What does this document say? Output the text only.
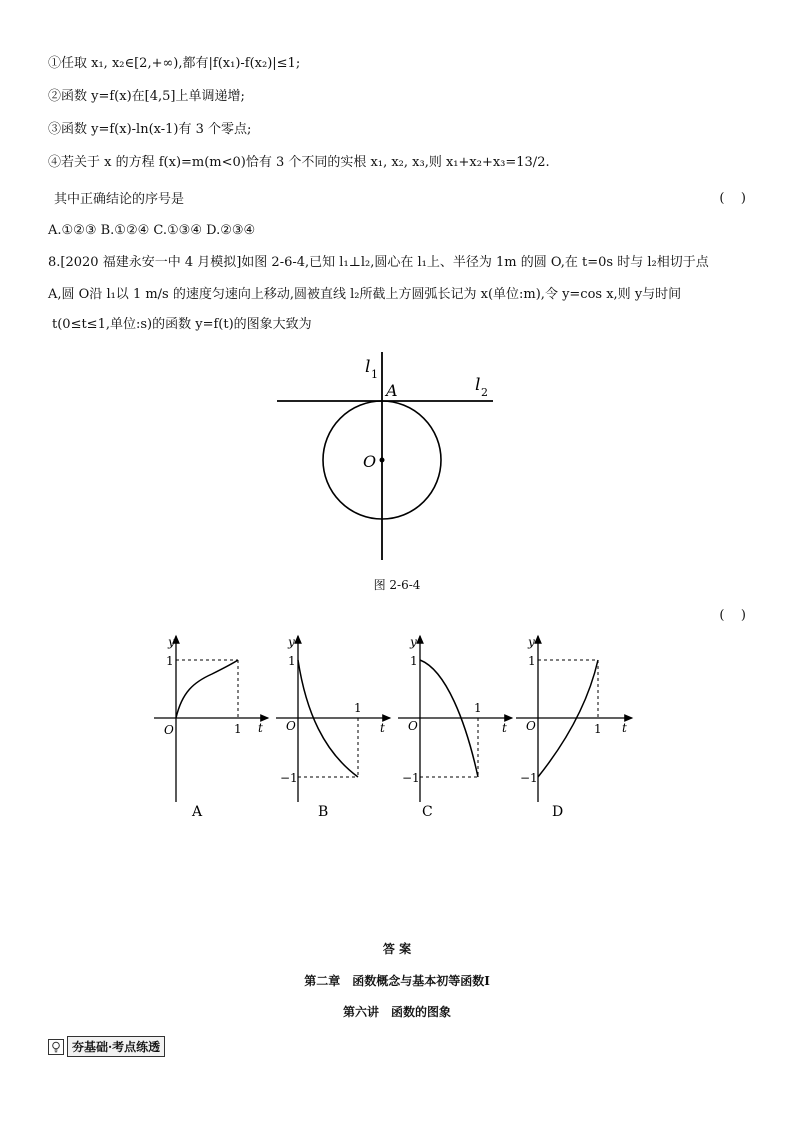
①任取 x₁, x₂∈[2,+∞),都有|f(x₁)-f(x₂)|≤1;
②函数 y=f(x)在[4,5]上单调递增;
③函数 y=f(x)-ln(x-1)有 3 个零点;
④若关于 x 的方程 f(x)=m(m<0)恰有 3 个不同的实根 x₁, x₂, x₃,则 x₁+x₂+x₃=13/2.
其中正确结论的序号是	(    )
A.①②③ B.①②④ C.①③④ D.②③④
8.[2020 福建永安一中 4 月模拟]如图 2-6-4,已知 l₁⊥l₂,圆心在 l₁上、半径为 1m 的圆 O,在 t=0s 时与 l₂相切于点
A,圆 O沿 l₁以 1 m/s 的速度匀速向上移动,圆被直线 l₂所截上方圆弧长记为 x(单位:m),令 y=cos x,则 y与时间
t(0≤t≤1,单位:s)的函数 y=f(t)的图象大致为
l 1
l 2
A
O
图 2-6-4
(    )
y
t
O
1
1
A
y
t
O
1
1
−1
B
y
t
O
1
1
−1
C
y
t
O
1
1
−1
D
答 案
第二章　函数概念与基本初等函数Ⅰ
第六讲　函数的图象
夯基础·考点练透
